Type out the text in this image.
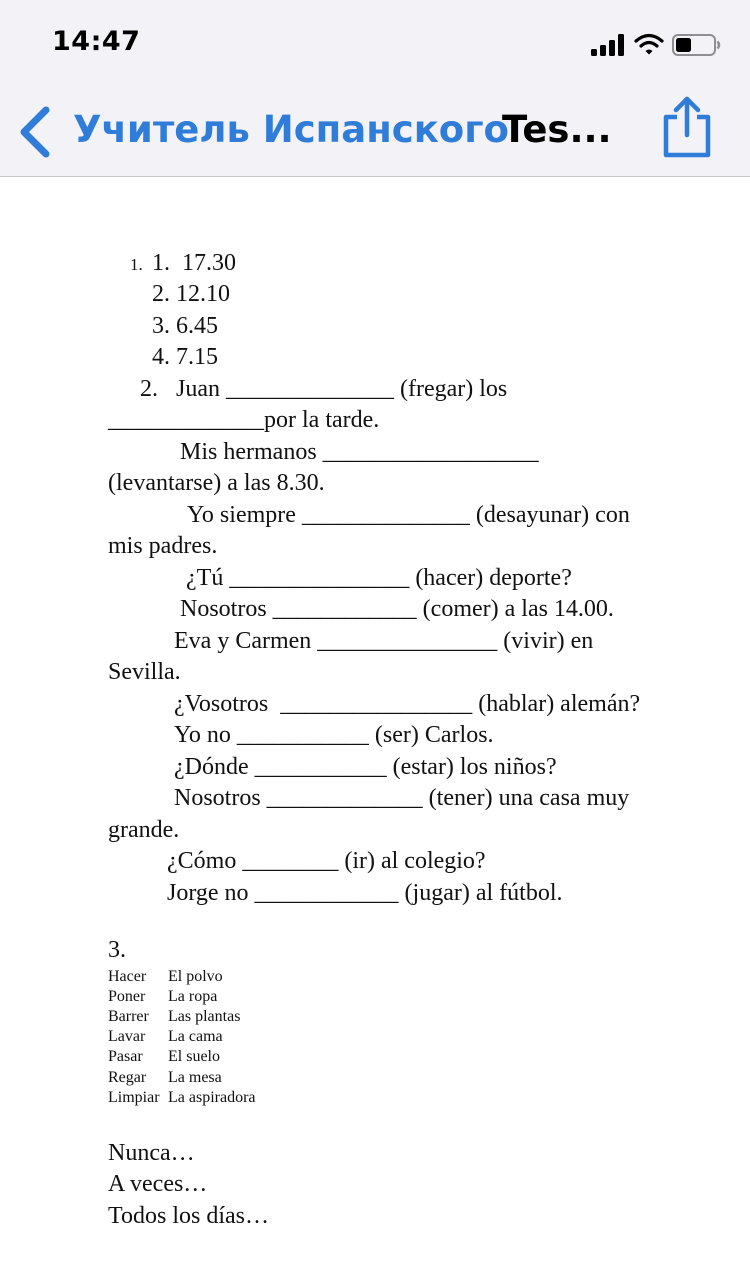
14:47
Учитель Испанского
Tes...
1. 1.  17.30
2. 12.10
3. 6.45
4. 7.15
2.   Juan ______________ (fregar) los
_____________por la tarde.
Mis hermanos __________________
(levantarse) a las 8.30.
Yo siempre ______________ (desayunar) con
mis padres.
¿Tú _______________ (hacer) deporte?
Nosotros ____________ (comer) a las 14.00.
Eva y Carmen _______________ (vivir) en
Sevilla.
¿Vosotros  ________________ (hablar) alemán?
Yo no ___________ (ser) Carlos.
¿Dónde ___________ (estar) los niños?
Nosotros _____________ (tener) una casa muy
grande.
¿Cómo ________ (ir) al colegio?
Jorge no ____________ (jugar) al fútbol.
3.
Hacer
Poner
Barrer
Lavar
Pasar
Regar
Limpiar
El polvo
La ropa
Las plantas
La cama
El suelo
La mesa
La aspiradora
Nunca…
A veces…
Todos los días…
